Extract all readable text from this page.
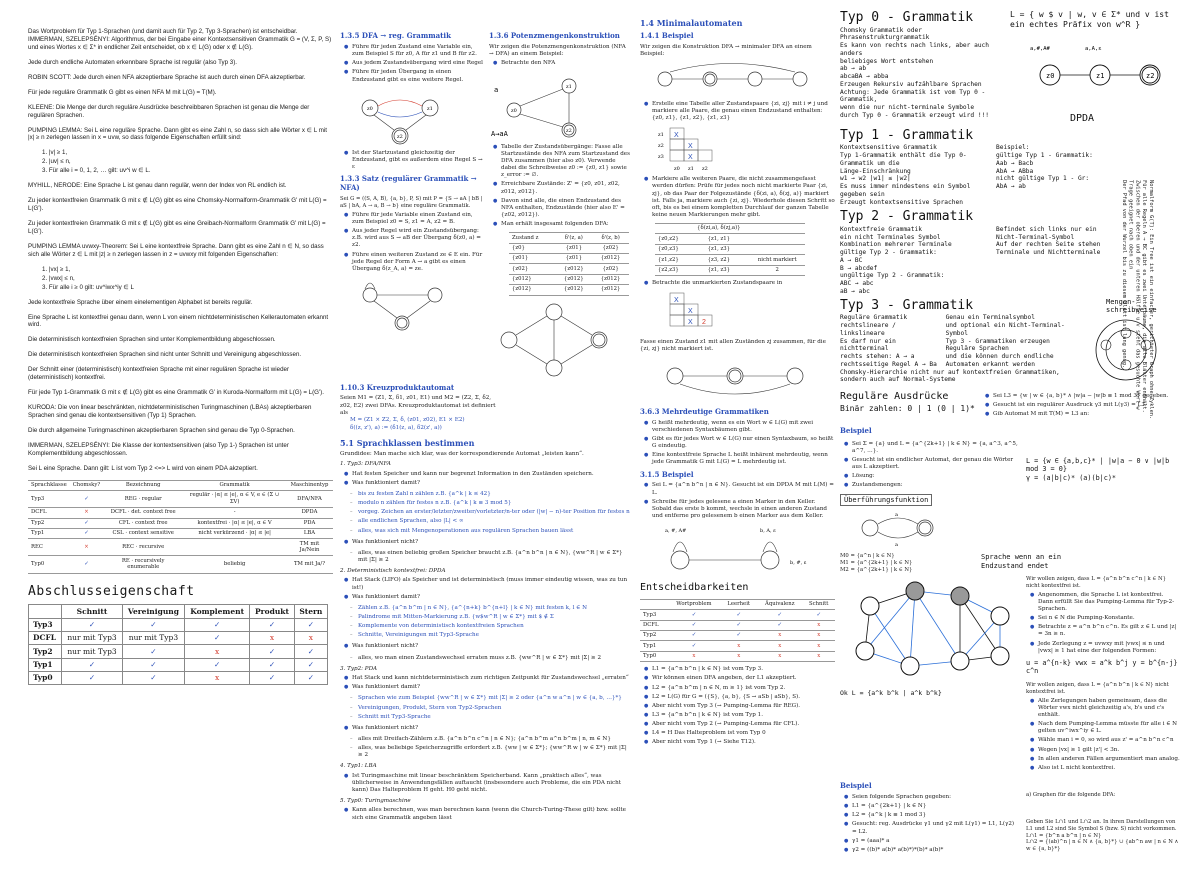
Das Wortproblem für Typ 1-Sprachen (und damit auch für Typ 2, Typ 3-Sprachen) ist entscheidbar. IMMERMAN, SZELEPSÉNYI: Algorithmus, der bei Eingabe einer Kontextsensitiven Grammatik G = (V, Σ, P, S) und eines Wortes x ∈ Σ* in endlicher Zeit entscheidet, ob x ∈ L(G) oder x ∉ L(G).
Jede durch endliche Automaten erkennbare Sprache ist regulär (also Typ 3).
ROBIN SCOTT: Jede durch einen NFA akzeptierbare Sprache ist auch durch einen DFA akzeptierbar.
Für jede reguläre Grammatik G gibt es einen NFA M mit L(G) = T(M).
KLEENE: Die Menge der durch reguläre Ausdrücke beschreibbaren Sprachen ist genau die Menge der regulären Sprachen.
PUMPING LEMMA: Sei L eine reguläre Sprache. Dann gibt es eine Zahl n, so dass sich alle Wörter x ∈ L mit |x| ≥ n zerlegen lassen in x = uvw, so dass folgende Eigenschaften erfüllt sind:
1. |v| ≥ 1,
2. |uv| ≤ n,
3. Für alle i = 0, 1, 2, … gilt: uv^i w ∈ L.
MYHILL, NERODE: Eine Sprache L ist genau dann regulär, wenn der Index von RL endlich ist.
Zu jeder kontextfreien Grammatik G mit ε ∉ L(G) gibt es eine Chomsky-Normalform-Grammatik G' mit L(G) = L(G').
Zu jeder kontextfreien Grammatik G mit ε ∉ L(G) gibt es eine Greibach-Normalform Grammatik G' mit L(G) = L(G').
PUMPING LEMMA uvwxy-Theorem: Sei L eine kontextfreie Sprache. Dann gibt es eine Zahl n ∈ N, so dass sich alle Wörter z ∈ L mit |z| ≥ n zerlegen lassen in z = uvwxy mit folgenden Eigenschaften:
1. |vx| ≥ 1,
2. |vwx| ≤ n,
3. Für alle i ≥ 0 gilt: uv^iwx^iy ∈ L
Jede kontextfreie Sprache über einem einelementigen Alphabet ist bereits regulär.
Eine Sprache L ist kontextfrei genau dann, wenn L von einem nichtdeterministischen Kellerautomaten erkannt wird.
Die deterministisch kontextfreien Sprachen sind unter Komplementbildung abgeschlossen.
Die deterministisch kontextfreien Sprachen sind nicht unter Schnitt und Vereinigung abgeschlossen.
Der Schnitt einer (deterministisch) kontextfreien Sprache mit einer regulären Sprache ist wieder (deterministisch) kontextfrei.
Für jede Typ 1-Grammatik G mit ε ∉ L(G) gibt es eine Grammatik G' in Kuroda-Normalform mit L(G) = L(G').
KURODA: Die von linear beschränkten, nichtdeterministischen Turingmaschinen (LBAs) akzeptierbaren Sprachen sind genau die kontextsensitiven (Typ 1) Sprachen.
Die durch allgemeine Turingmaschinen akzeptierbaren Sprachen sind genau die Typ 0-Sprachen.
IMMERMAN, SZELEPSÉNYI: Die Klasse der kontextsensitiven (also Typ 1-) Sprachen ist unter Komplementbildung abgeschlossen.
Sei L eine Sprache. Dann gilt: L ist vom Typ 2 <=> L wird von einem PDA akzeptiert.
Sprachklasse	Chomsky?	Bezeichnung	Grammatik	Maschinentyp
Typ3	✓	REG · regular	regulär · |α| ≤ |e|, α ∈ V, e ∈ (Σ ∪ ΣV)	DFA/NFA
DCFL	×	DCFL · det. context free	-	DPDA
Typ2	✓	CFL · context free	kontextfrei · |α| ≤ |e|, α ∈ V	PDA
Typ1	✓	CSL · context sensitive	nicht verkürzend · |α| ≤ |e|	LBA
REC	×	REC · recursive		TM mit Ja/Nein
Typ0	✓	RE · recursively enumerable	beliebig	TM mit Ja/?
Abschlusseigenschaft
	Schnitt	Vereinigung	Komplement	Produkt	Stern
Typ3	✓	✓	✓	✓	✓
DCFL	nur mit Typ3	nur mit Typ3	✓	x	x
Typ2	nur mit Typ3	✓	x	✓	✓
Typ1	✓	✓	✓	✓	✓
Typ0	✓	✓	x	✓	✓
1.3.5 DFA → reg. Grammatik
● Führe für jeden Zustand eine Variable ein, zum Beispiel S für z0, A für z1 und B für z2.
● Aus jedem Zustandsübergang wird eine Regel
● Führe für jeden Übergang in einen Endzustand gibt es eine weitere Regel.
z0	z1
z2
● Ist der Startzustand gleichzeitig der Endzustand, gibt es außerdem eine Regel S → ε
1.3.3 Satz (regulärer Grammatik → NFA)
Sei G = ((S, A, B), {a, b}, P, S) mit P = {S → aA | bB | aS | bA, A → a, B → b} eine reguläre Grammatik.
● Führe für jede Variable einen Zustand ein, zum Beispiel z0 = S, z1 = A, z2 = B.
● Aus jeder Regel wird ein Zustandsübergang: z.B. wird aus S → aB der Übergang δ(z0, a) = z2.
● Führe einen weiteren Zustand ze ∈ E ein. Für jede Regel der Form A → a gibt es einen Übergang δ(z_A, a) = ze.
1.3.6 Potenzmengenkonstruktion
Wir zeigen die Potenzmengenkonstruktion (NFA → DFA) an einem Beispiel:
● Betrachte den NFA
a
A→aA
z0
z1
z2
● Tabelle der Zustandsübergänge: Fasse alle Startzustände des NFA zum Startzustand des DFA zusammen (hier also z0). Verwende dabei die Schreibweise z0 := {z0, z1} sowie z_error := ∅.
● Erreichbare Zustände: Z' = {z0, z01, z02, z012, z012}.
● Davon sind alle, die einen Endzustand des NFA enthalten, Endzustände (hier also E' = {z02, z012}).
● Man erhält insgesamt folgenden DFA:
Zustand z	δ'(z, a)	δ'(z, b)
{z0}	{z01}	{z02}
{z01}	{z01}	{z012}
{z02}	{z012}	{z02}
{z012}	{z012}	{z012}
{z012}	{z012}	{z012}
1.10.3 Kreuzproduktautomat
Seien M1 = (Z1, Σ, δ1, z01, E1) und M2 = (Z2, Σ, δ2, z02, E2) zwei DFAs. Kreuzproduktautomat ist definiert als
M = (Z1 × Z2, Σ, δ, (z01, z02), E1 × E2)
δ((z, z'), a) := (δ1(z, a), δ2(z', a))
5.1 Sprachklassen bestimmen
Grundidee: Man mache sich klar, was der korrespondierende Automat „leisten kann“.
1. Typ3: DFA/NFA
● Hat festen Speicher und kann nur begrenzt Information in den Zuständen speichern.
● Was funktioniert damit?
– bis zu festen Zahl n zählen z.B. {a^k | k ≤ 42}
– modulo n zählen für festes n z.B. {a^k | k ≡ 3 mod 5}
– vorgeg. Zeichen an erster/letzter/zweiter/vorletzter/n-ter oder (|w| − n)-ter Position für festes n
– alle endlichen Sprachen, also |L| < ∞
– alles, was sich mit Mengenoperationen aus regulären Sprachen bauen lässt
● Was funktioniert nicht?
– alles, was einen beliebig großen Speicher braucht z.B. {a^n b^n | n ∈ N}, {ww^R | w ∈ Σ*} mit |Σ| ≥ 2
2. Deterministisch kontextfrei: DPDA
● Hat Stack (LIFO) als Speicher und ist deterministisch (muss immer eindeutig wissen, was zu tun ist!)
● Was funktioniert damit?
– Zählen z.B. {a^n b^m | n ∈ N}, {a^{n+k} b^{n+l} | k ∈ N} mit festen k, l ∈ N
– Palindrome mit Mitten-Markierung z.B. {w$w^R | w ∈ Σ*} mit $ ∉ Σ
– Komplemente von deterministisch kontextfreien Sprachen
– Schnitte, Vereinigungen mit Typ3-Sprache
● Was funktioniert nicht?
– alles, wo man einen Zustandswechsel erraten muss z.B. {ww^R | w ∈ Σ*} mit |Σ| ≥ 2
3. Typ2: PDA
● Hat Stack und kann nichtdeterministisch zum richtigen Zeitpunkt für Zustandswechsel „erraten“
● Was funktioniert damit?
– Sprachen wie zum Beispiel {ww^R | w ∈ Σ*} mit |Σ| ≥ 2 oder {a^n w a^n | w ∈ {a, b, …}*}
– Vereinigungen, Produkt, Stern von Typ2-Sprachen
– Schnitt mit Typ3-Sprache
● Was funktioniert nicht?
– alles mit Dreifach-Zählern z.B. {a^n b^n c^n | n ∈ N}; {a^n b^m a^n b^m | n, m ∈ N}
– alles, was beliebige Speicherzugriffe erfordert z.B. {ww | w ∈ Σ*}; {ww^R w | w ∈ Σ*} mit |Σ| ≥ 2
4. Typ1: LBA
● Ist Turingmaschine mit linear beschränktem Speicherband. Kann „praktisch alles“, was üblicherweise in Anwendungsfällen auftaucht (insbesondere auch Probleme, die ein PDA nicht kann) Das Halteproblem H geht. H0 geht nicht.
5. Typ0: Turingmaschine
● Kann alles berechnen, was man berechnen kann (wenn die Church-Turing-These gilt) bzw. sollte sich eine Grammatik angeben lässt
1.4 Minimalautomaten
1.4.1 Beispiel
Wir zeigen die Konstruktion DFA → minimaler DFA an einem Beispiel:
● Erstelle eine Tabelle aller Zustandspaare {zi, zj} mit i ≠ j und markiere alle Paare, die genau einen Endzustand enthalten: {z0, z1}, {z1, z2}, {z1, z3}
X
X
X
z1
z2
z3
z0 z1 z2
● Markiere alle weiteren Paare, die nicht zusammengefasst werden dürfen: Prüfe für jedes noch nicht markierte Paar {zi, zj}, ob das Paar der Folgezustände {δ(zi, a), δ(zj, a)} markiert ist. Falls ja, markiere auch {zi, zj}. Wiederhole diesen Schritt so oft, bis es bei einem kompletten Durchlauf der ganzen Tabelle keine neuen Markierungen mehr gibt.
	{δ(zi,a), δ(zj,a)}	
{z0,z2}	{z1, z1}	
{z0,z3}	{z1, z3}	
{z1,z2}	{z3, z2}	nicht markiert
{z2,z3}	{z1, z3}	2
● Betrachte die unmarkierten Zustandspaare in
X
X
X 2
Fasse einen Zustand z1 mit allen Zuständen zj zusammen, für die {zi, zj} nicht markiert ist.
3.6.3 Mehrdeutige Grammatiken
● G heißt mehrdeutig, wenn es ein Wort w ∈ L(G) mit zwei verschiedenen Syntaxbäumen gibt.
● Gibt es für jedes Wort w ∈ L(G) nur einen Syntaxbaum, so heißt G eindeutig.
● Eine kontextfreie Sprache L heißt inhärent mehrdeutig, wenn jede Grammatik G mit L(G) = L mehrdeutig ist.
3.1.5 Beispiel
● Sei L = {a^n b^n | n ∈ N}. Gesucht ist ein DPDA M mit L(M) = L.
● Schreibe für jedes gelesene a einen Marker in den Keller. Sobald das erste b kommt, wechsle in einen anderen Zustand und entferne pro gelesenem b einen Marker aus dem Keller.
a, #, A#	b, A, ε
b, #, ε
Entscheidbarkeiten
	Wortproblem	Leerheit	Äquivalenz	Schnitt
Typ3	✓	✓	✓	✓
DCFL	✓	✓	✓	x
Typ2	✓	✓	x	x
Typ1	✓	x	x	x
Typ0	x	x	x	x
● L1 = {a^n b^n | k ∈ N} ist vom Typ 3.
● Wir können einen DFA angeben, der L1 akzeptiert.
● L2 = {a^n b^m | n ∈ N, m ≥ 1} ist vom Typ 2.
● L2 = L(G) für G = ({S}, {a, b}, {S → aSb | aSb}, S).
● Aber nicht vom Typ 3 (→ Pumping-Lemma für REG).
● L3 = {a^n b^n | k ∈ N} ist vom Typ 1.
● Aber nicht vom Typ 2 (→ Pumping-Lemma für CFL).
● L4 = H Das Halteproblem ist vom Typ 0
● Aber nicht vom Typ 1 (→ Siehe T12).
Typ 0 - Grammatik
Chomsky Grammatik oder Phrasenstrukturgrammatik
Es kann von rechts nach links, aber auch anders
beliebiges Wort entstehen
ab → ab
abcaBA → abba
Erzeugen Rekursiv aufzählbare Sprachen
Achtung: Jede Grammatik ist vom Typ 0 - Grammatik,
wenn die nur nicht-terminale Symbole
durch Typ 0 - Grammatik erzeugt wird !!!
L = { w $ v | w, v ∈ Σ* und v ist ein echtes Präfix von w^R }
z0	z1	z2
a,#,A#	a,A,ε
DPDA
Typ 1 - Grammatik
Kontextsensitive Grammatik
Typ 1-Grammatik enthält die Typ 0-Grammatik um die
Länge-Einschränkung
w1 → w2 |w1| ≤ |w2|
Es muss immer mindestens ein Symbol
gegeben sein
Erzeugt kontextsensitive Sprachen
Beispiel:
gültige Typ 1 - Grammatik:
Aab → Bacb
AbA → ABba
nicht gültige Typ 1 - Gr:
AbA → ab
Typ 2 - Grammatik
Kontextfreie Grammatik
ein nicht Terminales Symbol
Kombination mehrerer Terminale
gültige Typ 2 - Grammatik:
A → BC
B → abcdef
ungültige Typ 2 - Grammatik:
ABC → abc
aB → abc
Befindet sich links nur ein
Nicht-Terminal-Symbol
Auf der rechten Seite stehen
Terminale und Nichtterminale
Typ 3 - Grammatik
Reguläre Grammatik
rechtslineare / linkslineare
Es darf nur ein nichtterminal
rechts stehen: A → a
rechtsseitige Regel A → Ba
Genau ein Terminalsymbol
und optional ein Nicht-Terminal-Symbol
Typ 3 - Grammatiken erzeugen
Reguläre Sprachen
und die können durch endliche
Automaten erkannt werden
Chomsky-Hierarchie nicht nur auf kontextfreien Grammatiken, sondern auch auf Normal-Systeme
Mengen-schreibweise
Reguläre Ausdrücke
Binär zahlen: 0 | 1 (0 | 1)*
● Sei L3 = {w | w ∈ {a, b}* ∧ |w|a − |w|b ≡ 1 mod 3} gegeben.
● Gesucht ist ein regulärer Ausdruck γ3 mit L(γ3) = L3.
● Gib Automat M mit T(M) = L3 an:
Beispiel
● Sei Σ = {a} und L = {a^{2k+1} | k ∈ N} = {a, a^3, a^5, a^7, …}.
● Gesucht ist ein endlicher Automat, der genau die Wörter aus L akzeptiert.
● Lösung:
● Zustandsmengen:
Überführungsfunktion
a
a
L = {w ∈ {a,b,c}* | |w|a − 0 ∨ |w|b mod 3 = 0}
γ = (a|b|c)* (a)(b|c)*
M0 = {a^n | k ∈ N}
M1 = {a^{2k+1} | k ∈ N}
M2 = {a^{2k+1} | k ∈ N}
Sprache wenn an ein Endzustand endet
Ok L = {a^k b^k | a^k b^k}
Wir wollen zeigen, dass L = {a^n b^n c^n | k ∈ N} nicht kontextfrei ist.
● Angenommen, die Sprache L ist kontextfrei. Dann erfüllt Sie das Pumping-Lemma für Typ-2-Sprachen.
● Sei n ∈ N die Pumping-Konstante.
● Betrachte z = a^n b^n c^n. Es gilt z ∈ L und |z| = 3n ≥ n.
● Jede Zerlegung z = uvwxy mit |vwx| ≤ n und |vwx| ≥ 1 hat eine der folgenden Formen:
u = a^{n-k} vwx = a^k b^j y = b^{n-j} c^n
Wir wollen zeigen, dass L = {a^n b^n | k ∈ N} nicht kontextfrei ist.
● Alle Zerlegungen haben gemeinsam, dass die Wörter vwx nicht gleichzeitig a's, b's und c's enthält.
● Nach dem Pumping-Lemma müsste für alle i ∈ N gelten uv^iwx^iy ∈ L.
● Wähle man i = 0, so wird aus z' = a^n b^n c^n
● Wegen |vx| ≥ 1 gilt |z'| < 3n.
● In allen anderen Fällen argumentiert man analog.
● Also ist L nicht kontextfrei.
Beispiel
● Seien folgende Sprachen gegeben:
● L1 = {a^{2k+1} | k ∈ N}
● L2 = {a^k | k ≡ 1 mod 3}
● Gesucht: reg. Ausdrücke γ1 und γ2 mit L(γ1) = L1, L(γ2) = L2.
● γ1 = (aaa)* a
● γ2 = ((b)* a(b)* a(b)*)*(b)* a(b)*
a) Graphen für die folgende DFA:
Geben Sie L∩1 und L∩2 an. In ihren Darstellungen von L1 und L2 sind Sie Symbol S (bzw. S) nicht vorkommen.
L∩1 = {b^n a b^n | n ∈ N}
L∩2 = {(ab)^n | n ∈ N ∧ {a, b}*} ∪ {ab^n aw | n ∈ N ∧ w ∈ {a, b}*}
Normalform G(T): Ein Tree ist ein einfacher, gerichteter Graph ohne Zyklen.
Für alle Regeln A → BC gibt es zwei Unterbäume, die alle Blätter enthält.
Zwischen der oberen und der unteren Hälfte u,v steht das gesuchte Wort w
Trage geeignet nach oben ein
Der Pfad von der Wurzel bis zu diesem Blatt ist lang genug.
